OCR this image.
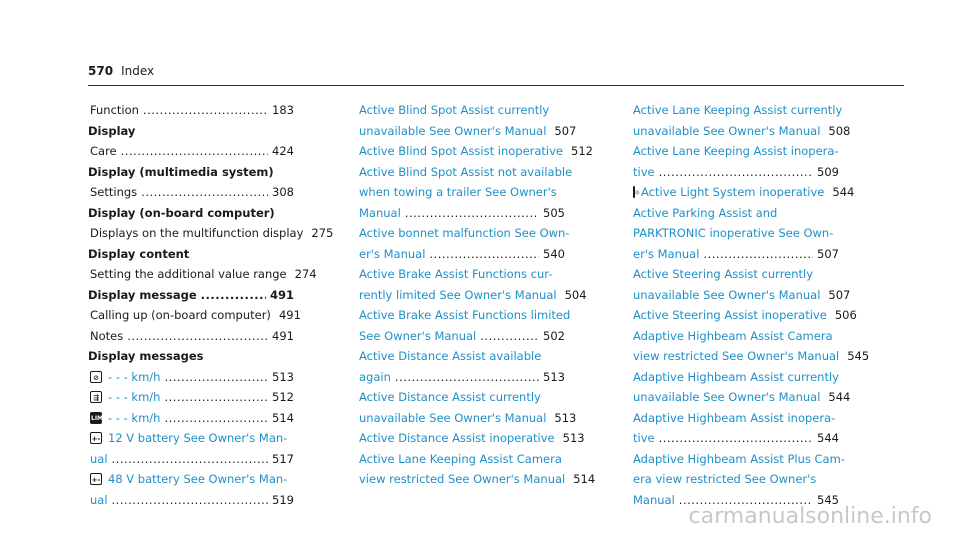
570 Index
Function .....	183
Display
Care .....	424
Display (multimedia system)
Settings .....	308
Display (on-board computer)
Displays on the multifunction display 275
Display content
Setting the additional value range 274
Display message .....	491
Calling up (on-board computer) 491
Notes .....	491
Display messages
⊘ - - - km/h .....	513
⇶ - - - km/h .....	512
LIM - - - km/h .....	514
+- 12 V battery See Owner's Man-
ual .....	517
+- 48 V battery See Owner's Man-
ual .....	519
Active Blind Spot Assist currently
unavailable See Owner's Manual 507
Active Blind Spot Assist inoperative 512
Active Blind Spot Assist not available
when towing a trailer See Owner's
Manual .....	505
Active bonnet malfunction See Own-
er's Manual .....	540
Active Brake Assist Functions cur-
rently limited See Owner's Manual 504
Active Brake Assist Functions limited
See Owner's Manual .....	502
Active Distance Assist available
again .....	513
Active Distance Assist currently
unavailable See Owner's Manual 513
Active Distance Assist inoperative 513
Active Lane Keeping Assist Camera
view restricted See Owner's Manual 514
Active Lane Keeping Assist currently
unavailable See Owner's Manual 508
Active Lane Keeping Assist inopera-
tive .....	509
☼ Active Light System inoperative 544
Active Parking Assist and
PARKTRONIC inoperative See Own-
er's Manual .....	507
Active Steering Assist currently
unavailable See Owner's Manual 507
Active Steering Assist inoperative 506
Adaptive Highbeam Assist Camera
view restricted See Owner's Manual 545
Adaptive Highbeam Assist currently
unavailable See Owner's Manual 544
Adaptive Highbeam Assist inopera-
tive .....	544
Adaptive Highbeam Assist Plus Cam-
era view restricted See Owner's
Manual .....	545
carmanualsonline.info
